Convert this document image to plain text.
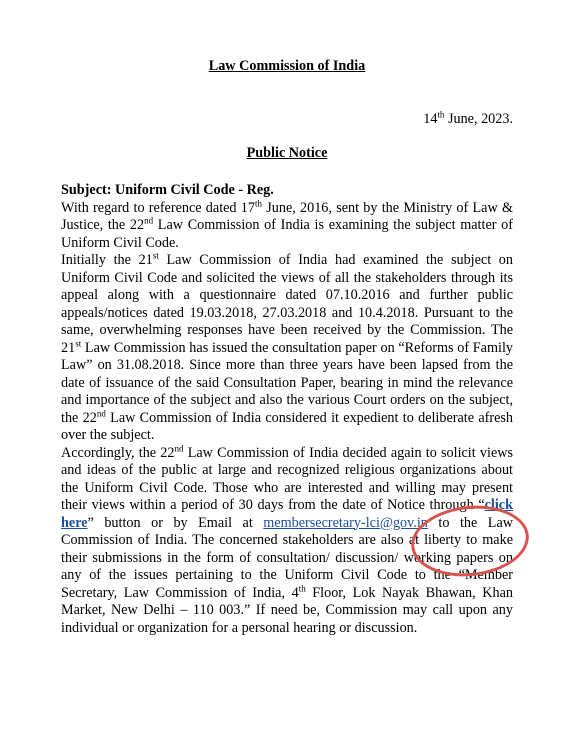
Law Commission of India
14th June, 2023.
Public Notice
Subject: Uniform Civil Code - Reg.

With regard to reference dated 17th June, 2016, sent by the Ministry of Law & Justice, the 22nd Law Commission of India is examining the subject matter of Uniform Civil Code.

Initially the 21st Law Commission of India had examined the subject on Uniform Civil Code and solicited the views of all the stakeholders through its appeal along with a questionnaire dated 07.10.2016 and further public appeals/notices dated 19.03.2018, 27.03.2018 and 10.4.2018. Pursuant to the same, overwhelming responses have been received by the Commission. The 21st Law Commission has issued the consultation paper on “Reforms of Family Law” on 31.08.2018. Since more than three years have been lapsed from the date of issuance of the said Consultation Paper, bearing in mind the relevance and importance of the subject and also the various Court orders on the subject, the 22nd Law Commission of India considered it expedient to deliberate afresh over the subject.

Accordingly, the 22nd Law Commission of India decided again to solicit views and ideas of the public at large and recognized religious organizations about the Uniform Civil Code. Those who are interested and willing may present their views within a period of 30 days from the date of Notice through “click here” button or by Email at membersecretary-lci@gov.in to the Law Commission of India. The concerned stakeholders are also at liberty to make their submissions in the form of consultation/ discussion/ working papers on any of the issues pertaining to the Uniform Civil Code to the “Member Secretary, Law Commission of India, 4th Floor, Lok Nayak Bhawan, Khan Market, New Delhi – 110 003.” If need be, Commission may call upon any individual or organization for a personal hearing or discussion.
